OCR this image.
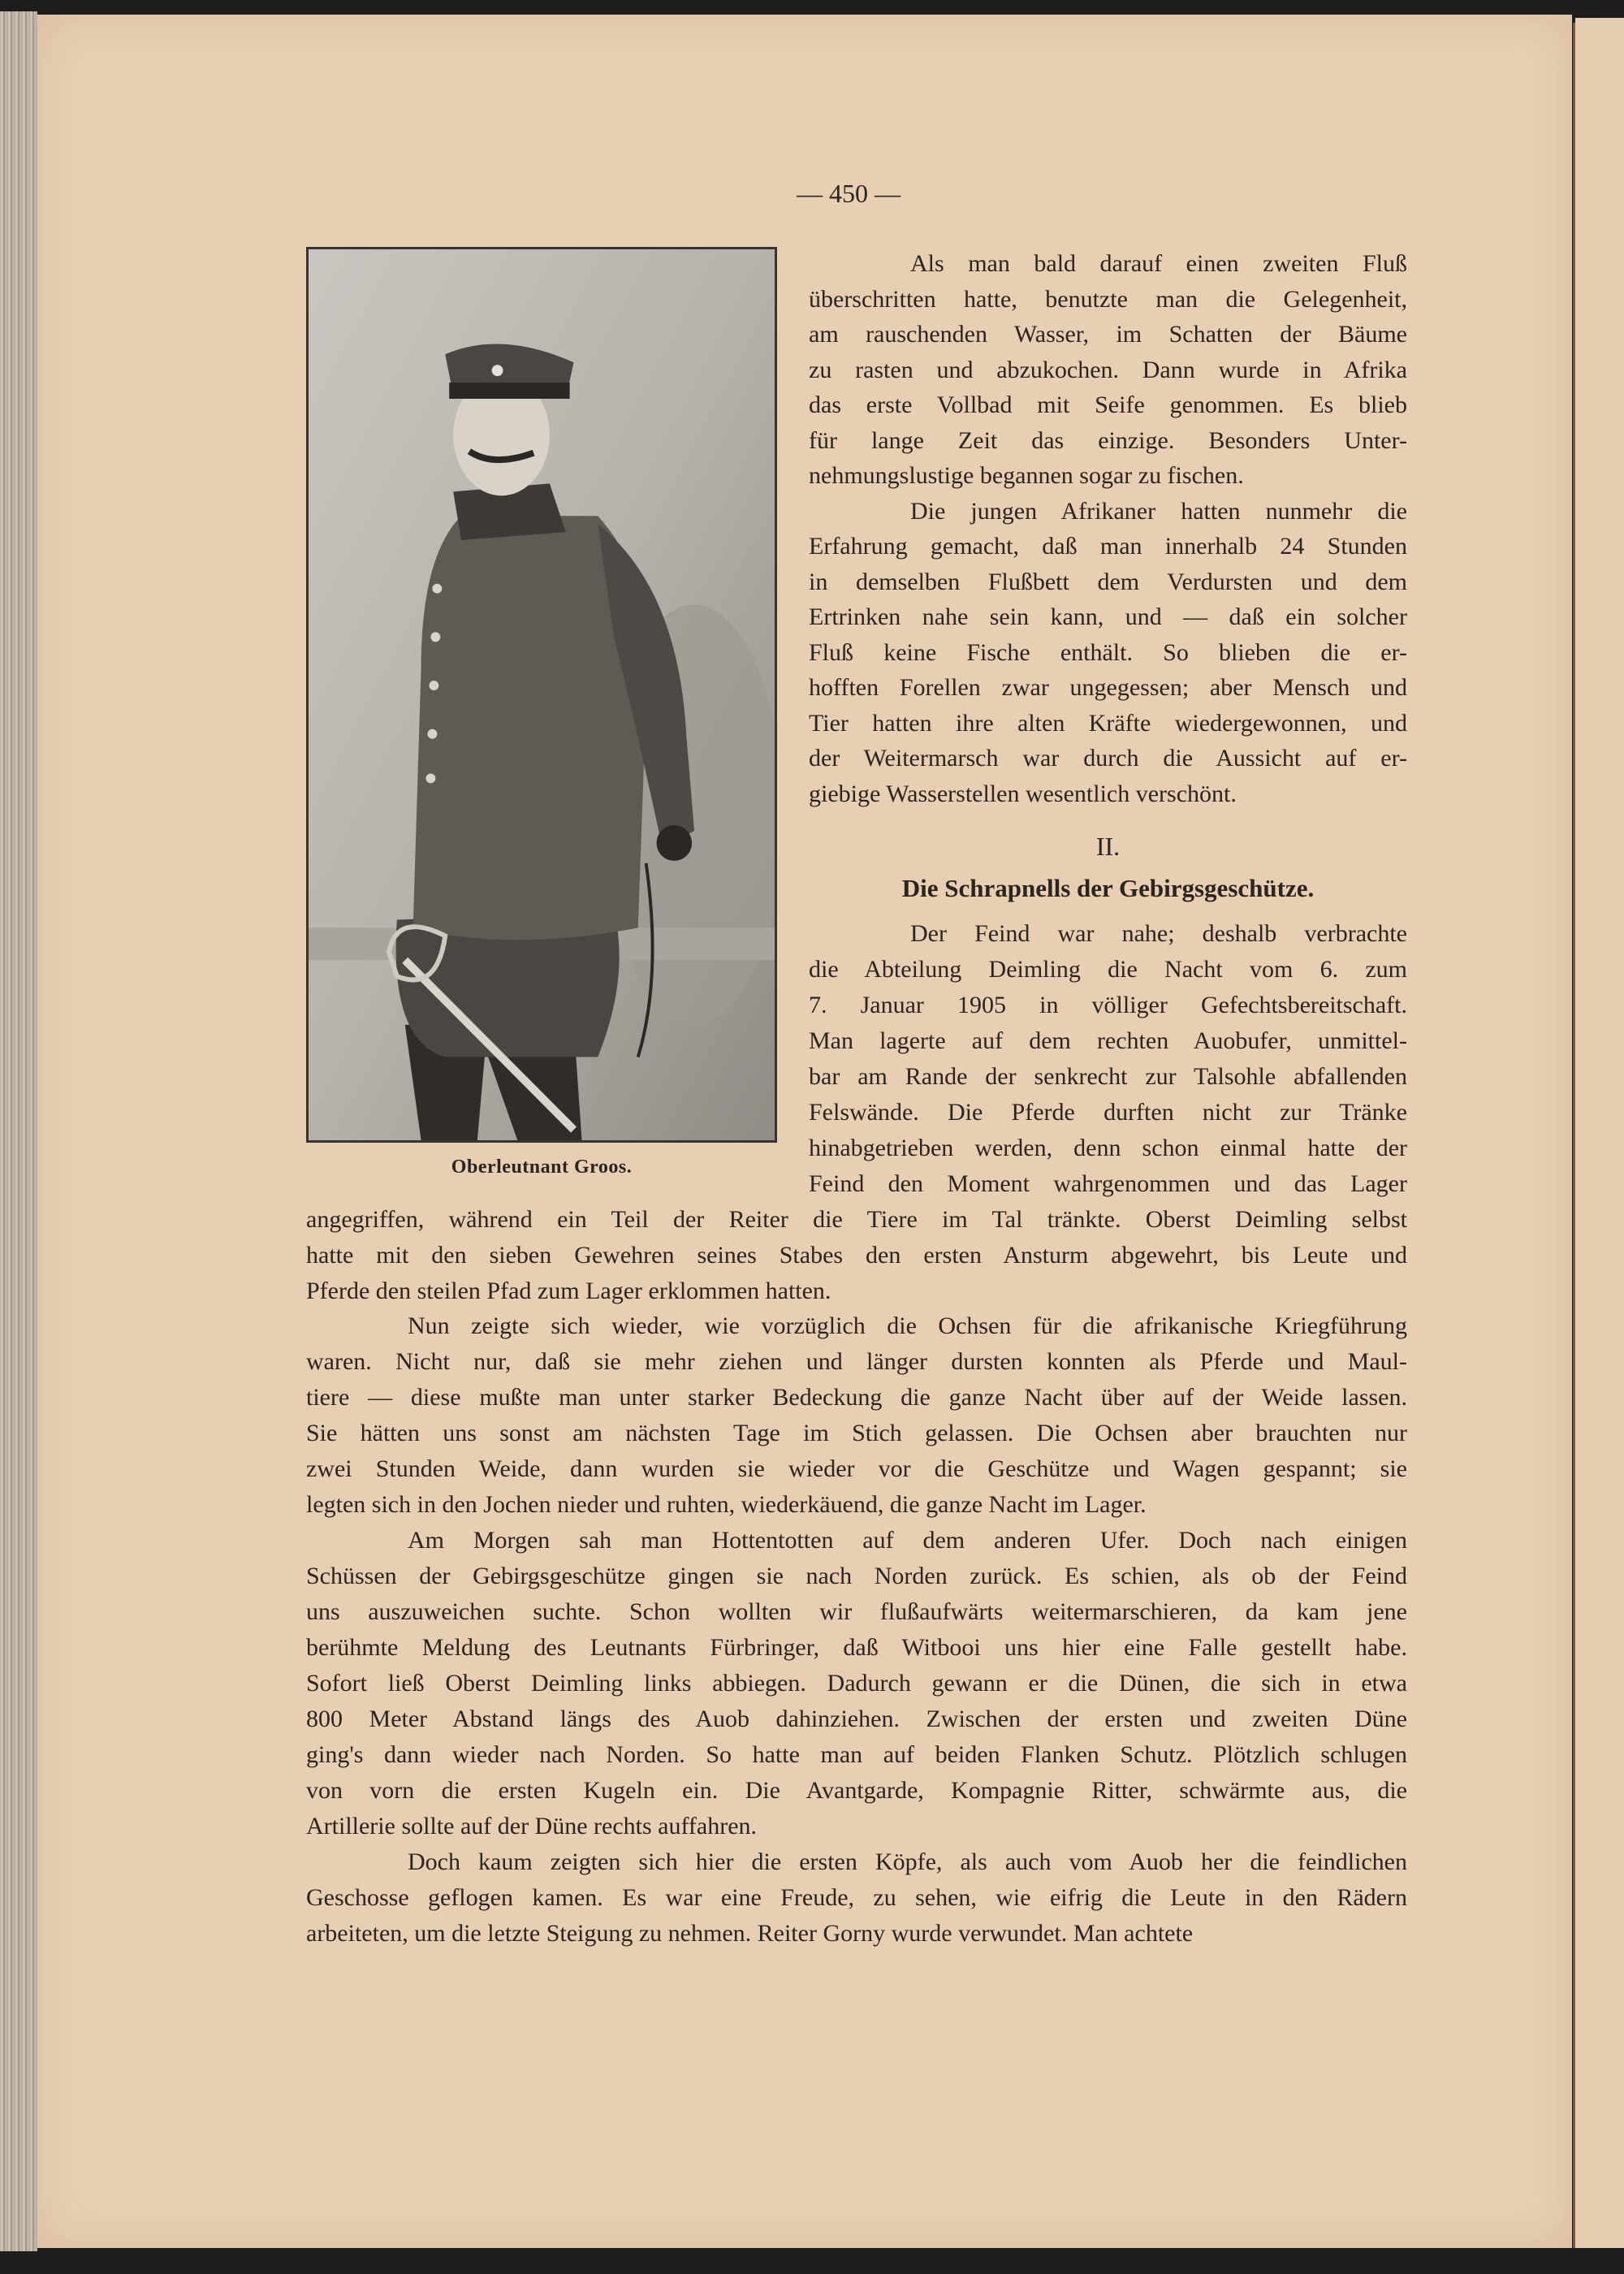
— 450 —
Oberleutnant Groos.
Als man bald darauf einen zweiten Fluß
überschritten hatte, benutzte man die Gelegenheit,
am rauschenden Wasser, im Schatten der Bäume
zu rasten und abzukochen. Dann wurde in Afrika
das erste Vollbad mit Seife genommen. Es blieb
für lange Zeit das einzige. Besonders Unter-
nehmungslustige begannen sogar zu fischen.
Die jungen Afrikaner hatten nunmehr die
Erfahrung gemacht, daß man innerhalb 24 Stunden
in demselben Flußbett dem Verdursten und dem
Ertrinken nahe sein kann, und — daß ein solcher
Fluß keine Fische enthält. So blieben die er-
hofften Forellen zwar ungegessen; aber Mensch und
Tier hatten ihre alten Kräfte wiedergewonnen, und
der Weitermarsch war durch die Aussicht auf er-
giebige Wasserstellen wesentlich verschönt.
II.
Die Schrapnells der Gebirgsgeschütze.
Der Feind war nahe; deshalb verbrachte
die Abteilung Deimling die Nacht vom 6. zum
7. Januar 1905 in völliger Gefechtsbereitschaft.
Man lagerte auf dem rechten Auobufer, unmittel-
bar am Rande der senkrecht zur Talsohle abfallenden
Felswände. Die Pferde durften nicht zur Tränke
hinabgetrieben werden, denn schon einmal hatte der
Feind den Moment wahrgenommen und das Lager
angegriffen, während ein Teil der Reiter die Tiere im Tal tränkte. Oberst Deimling selbst
hatte mit den sieben Gewehren seines Stabes den ersten Ansturm abgewehrt, bis Leute und
Pferde den steilen Pfad zum Lager erklommen hatten.
Nun zeigte sich wieder, wie vorzüglich die Ochsen für die afrikanische Kriegführung
waren. Nicht nur, daß sie mehr ziehen und länger dursten konnten als Pferde und Maul-
tiere — diese mußte man unter starker Bedeckung die ganze Nacht über auf der Weide lassen.
Sie hätten uns sonst am nächsten Tage im Stich gelassen. Die Ochsen aber brauchten nur
zwei Stunden Weide, dann wurden sie wieder vor die Geschütze und Wagen gespannt; sie
legten sich in den Jochen nieder und ruhten, wiederkäuend, die ganze Nacht im Lager.
Am Morgen sah man Hottentotten auf dem anderen Ufer. Doch nach einigen
Schüssen der Gebirgsgeschütze gingen sie nach Norden zurück. Es schien, als ob der Feind
uns auszuweichen suchte. Schon wollten wir flußaufwärts weitermarschieren, da kam jene
berühmte Meldung des Leutnants Fürbringer, daß Witbooi uns hier eine Falle gestellt habe.
Sofort ließ Oberst Deimling links abbiegen. Dadurch gewann er die Dünen, die sich in etwa
800 Meter Abstand längs des Auob dahinziehen. Zwischen der ersten und zweiten Düne
ging's dann wieder nach Norden. So hatte man auf beiden Flanken Schutz. Plötzlich schlugen
von vorn die ersten Kugeln ein. Die Avantgarde, Kompagnie Ritter, schwärmte aus, die
Artillerie sollte auf der Düne rechts auffahren.
Doch kaum zeigten sich hier die ersten Köpfe, als auch vom Auob her die feindlichen
Geschosse geflogen kamen. Es war eine Freude, zu sehen, wie eifrig die Leute in den Rädern
arbeiteten, um die letzte Steigung zu nehmen. Reiter Gorny wurde verwundet. Man achtete
